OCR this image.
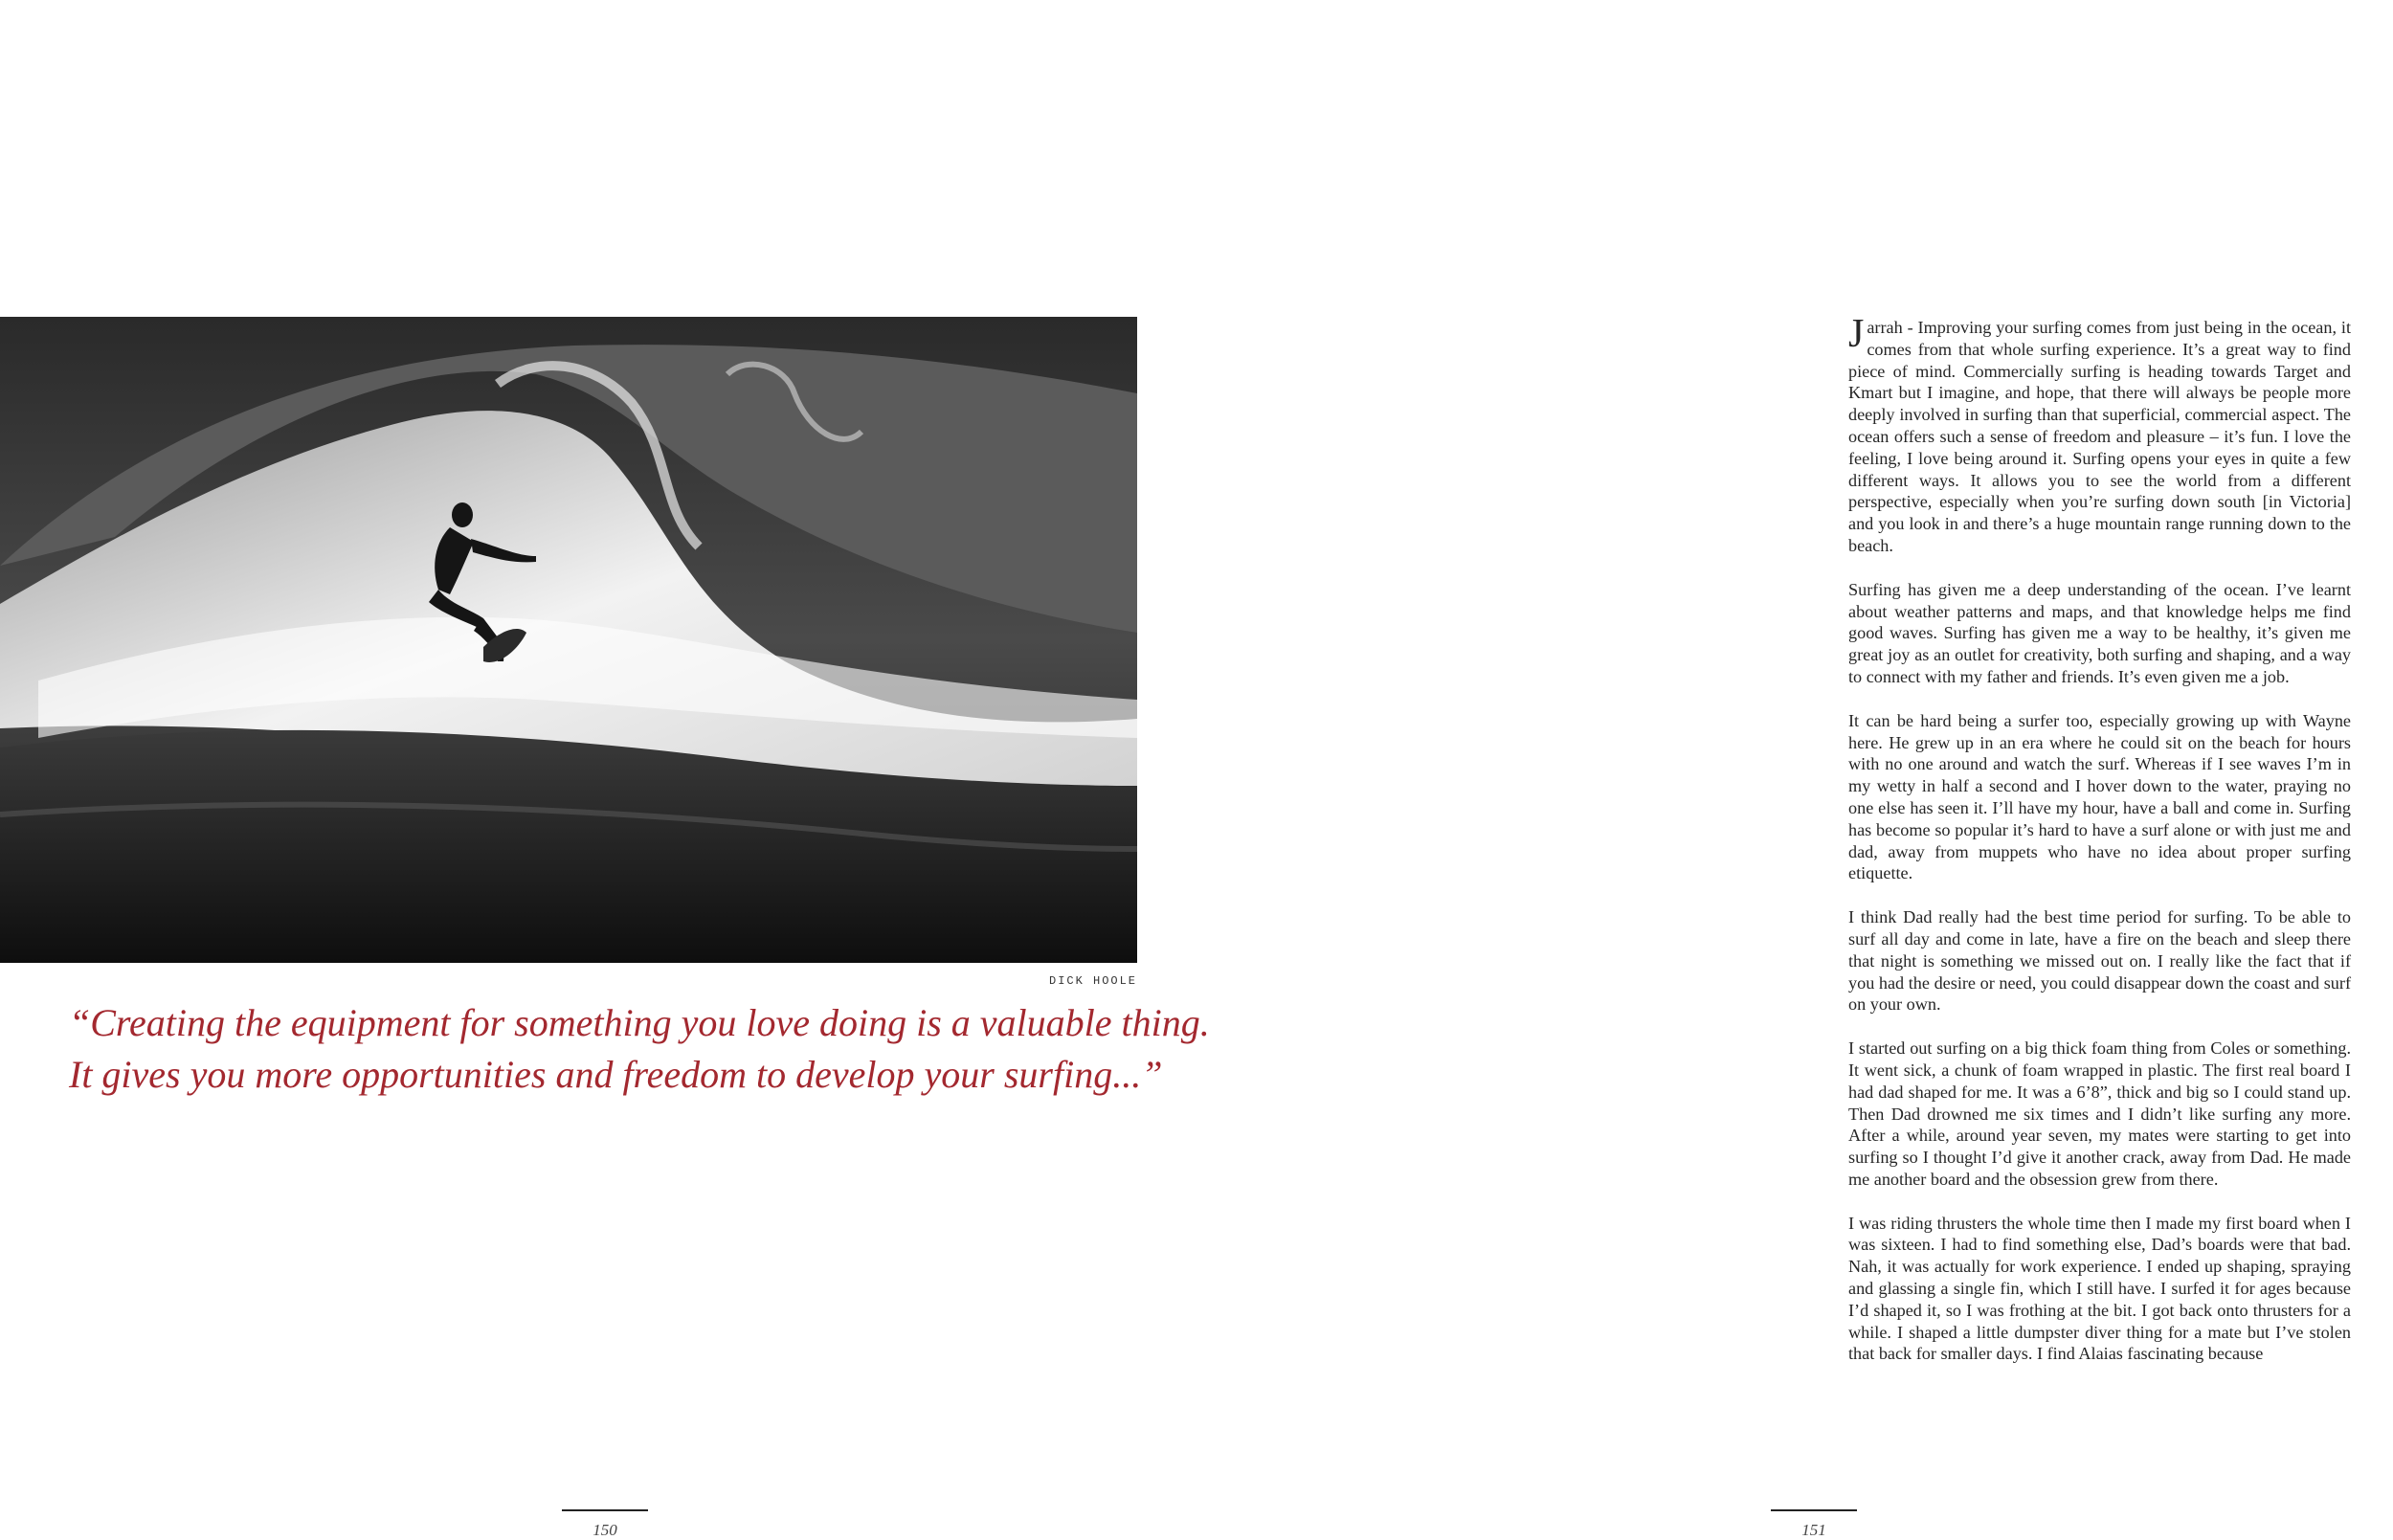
DICK HOOLE
“Creating the equipment for something you love doing is a valuable thing.
It gives you more opportunities and freedom to develop your surfing...”

Jarrah - Improving your surfing comes from just being in the ocean, it comes from that whole surfing experience. It’s a great way to find piece of mind. Commercially surfing is heading towards Target and Kmart but I imagine, and hope, that there will always be people more deeply involved in surfing than that superficial, commercial aspect. The ocean offers such a sense of freedom and pleasure – it’s fun. I love the feeling, I love being around it. Surfing opens your eyes in quite a few different ways. It allows you to see the world from a different perspective, especially when you’re surfing down south [in Victoria] and you look in and there’s a huge mountain range running down to the beach.

Surfing has given me a deep understanding of the ocean. I’ve learnt about weather patterns and maps, and that knowledge helps me find good waves. Surfing has given me a way to be healthy, it’s given me great joy as an outlet for creativity, both surfing and shaping, and a way to connect with my father and friends. It’s even given me a job.

It can be hard being a surfer too, especially growing up with Wayne here. He grew up in an era where he could sit on the beach for hours with no one around and watch the surf. Whereas if I see waves I’m in my wetty in half a second and I hover down to the water, praying no one else has seen it. I’ll have my hour, have a ball and come in. Surfing has become so popular it’s hard to have a surf alone or with just me and dad, away from muppets who have no idea about proper surfing etiquette.

I think Dad really had the best time period for surfing. To be able to surf all day and come in late, have a fire on the beach and sleep there that night is something we missed out on. I really like the fact that if you had the desire or need, you could disappear down the coast and surf on your own.

I started out surfing on a big thick foam thing from Coles or something. It went sick, a chunk of foam wrapped in plastic. The first real board I had dad shaped for me. It was a 6’8”, thick and big so I could stand up. Then Dad drowned me six times and I didn’t like surfing any more. After a while, around year seven, my mates were starting to get into surfing so I thought I’d give it another crack, away from Dad. He made me another board and the obsession grew from there.

I was riding thrusters the whole time then I made my first board when I was sixteen. I had to find something else, Dad’s boards were that bad. Nah, it was actually for work experience. I ended up shaping, spraying and glassing a single fin, which I still have. I surfed it for ages because I’d shaped it, so I was frothing at the bit. I got back onto thrusters for a while. I shaped a little dumpster diver thing for a mate but I’ve stolen that back for smaller days. I find Alaias fascinating because

150	151
